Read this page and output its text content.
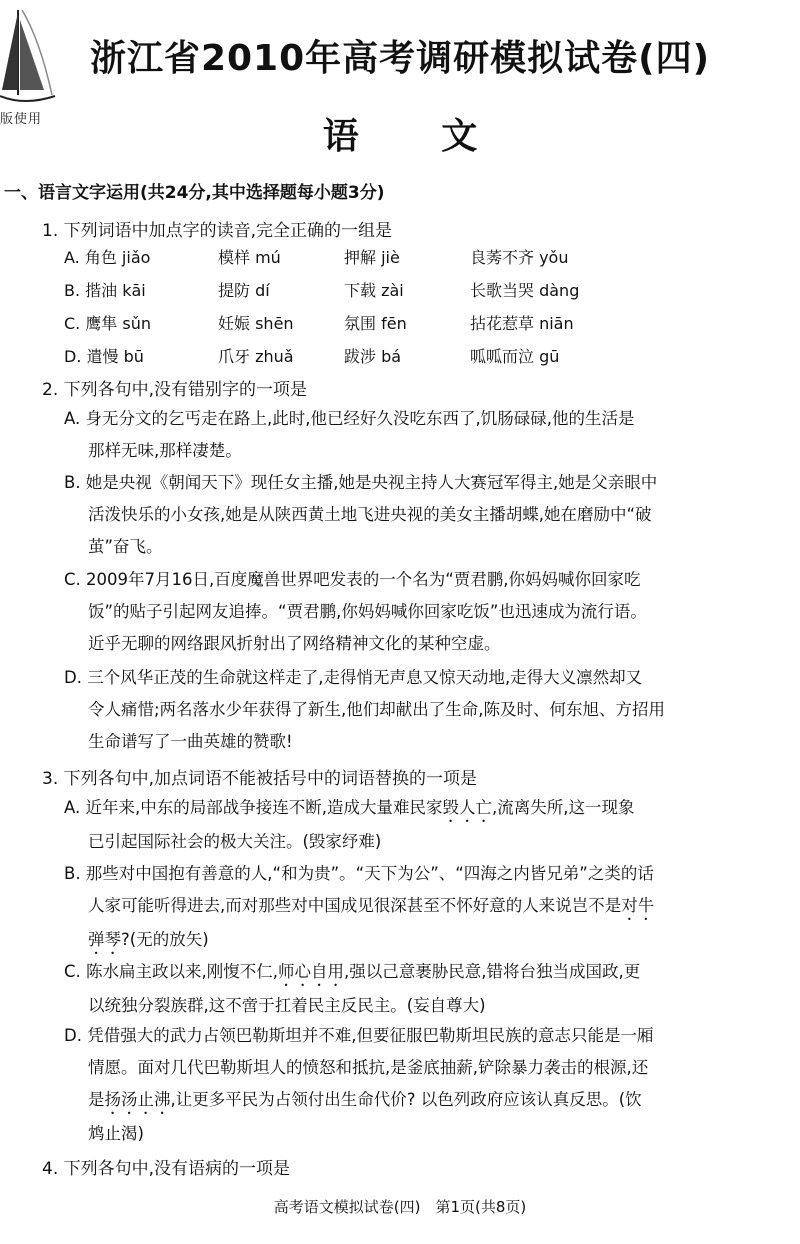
版使用
浙江省2010年高考调研模拟试卷(四)
语 文
一、语言文字运用(共24分,其中选择题每小题3分)
1. 下列词语中加点字的读音,完全正确的一组是
A. 角色 jiǎo	模样 mú	押解 jiè	良莠不齐 yǒu
B. 揩油 kāi	提防 dí	下载 zài	长歌当哭 dàng
C. 鹰隼 sǔn	妊娠 shēn	氛围 fēn	拈花惹草 niān
D. 遣慢 bū	爪牙 zhuǎ	跋涉 bá	呱呱而泣 gū
2. 下列各句中,没有错别字的一项是
A. 身无分文的乞丐走在路上,此时,他已经好久没吃东西了,饥肠碌碌,他的生活是
那样无味,那样凄楚。
B. 她是央视《朝闻天下》现任女主播,她是央视主持人大赛冠军得主,她是父亲眼中
活泼快乐的小女孩,她是从陕西黄土地飞进央视的美女主播胡蝶,她在磨励中“破
茧”奋飞。
C. 2009年7月16日,百度魔兽世界吧发表的一个名为“贾君鹏,你妈妈喊你回家吃
饭”的贴子引起网友追捧。“贾君鹏,你妈妈喊你回家吃饭”也迅速成为流行语。
近乎无聊的网络跟风折射出了网络精神文化的某种空虚。
D. 三个风华正茂的生命就这样走了,走得悄无声息又惊天动地,走得大义凛然却又
令人痛惜;两名落水少年获得了新生,他们却献出了生命,陈及时、何东旭、方招用
生命谱写了一曲英雄的赞歌!
3. 下列各句中,加点词语不能被括号中的词语替换的一项是
A. 近年来,中东的局部战争接连不断,造成大量难民家毁人亡,流离失所,这一现象
已引起国际社会的极大关注。(毁家纾难)
B. 那些对中国抱有善意的人,“和为贵”。“天下为公”、“四海之内皆兄弟”之类的话
人家可能听得进去,而对那些对中国成见很深甚至不怀好意的人来说岂不是对牛
弹琴?(无的放矢)
C. 陈水扁主政以来,刚愎不仁,师心自用,强以己意裹胁民意,错将台独当成国政,更
以统独分裂族群,这不啻于扛着民主反民主。(妄自尊大)
D. 凭借强大的武力占领巴勒斯坦并不难,但要征服巴勒斯坦民族的意志只能是一厢
情愿。面对几代巴勒斯坦人的愤怒和抵抗,是釜底抽薪,铲除暴力袭击的根源,还
是扬汤止沸,让更多平民为占领付出生命代价? 以色列政府应该认真反思。(饮
鸩止渴)
4. 下列各句中,没有语病的一项是
高考语文模拟试卷(四)　第1页(共8页)
